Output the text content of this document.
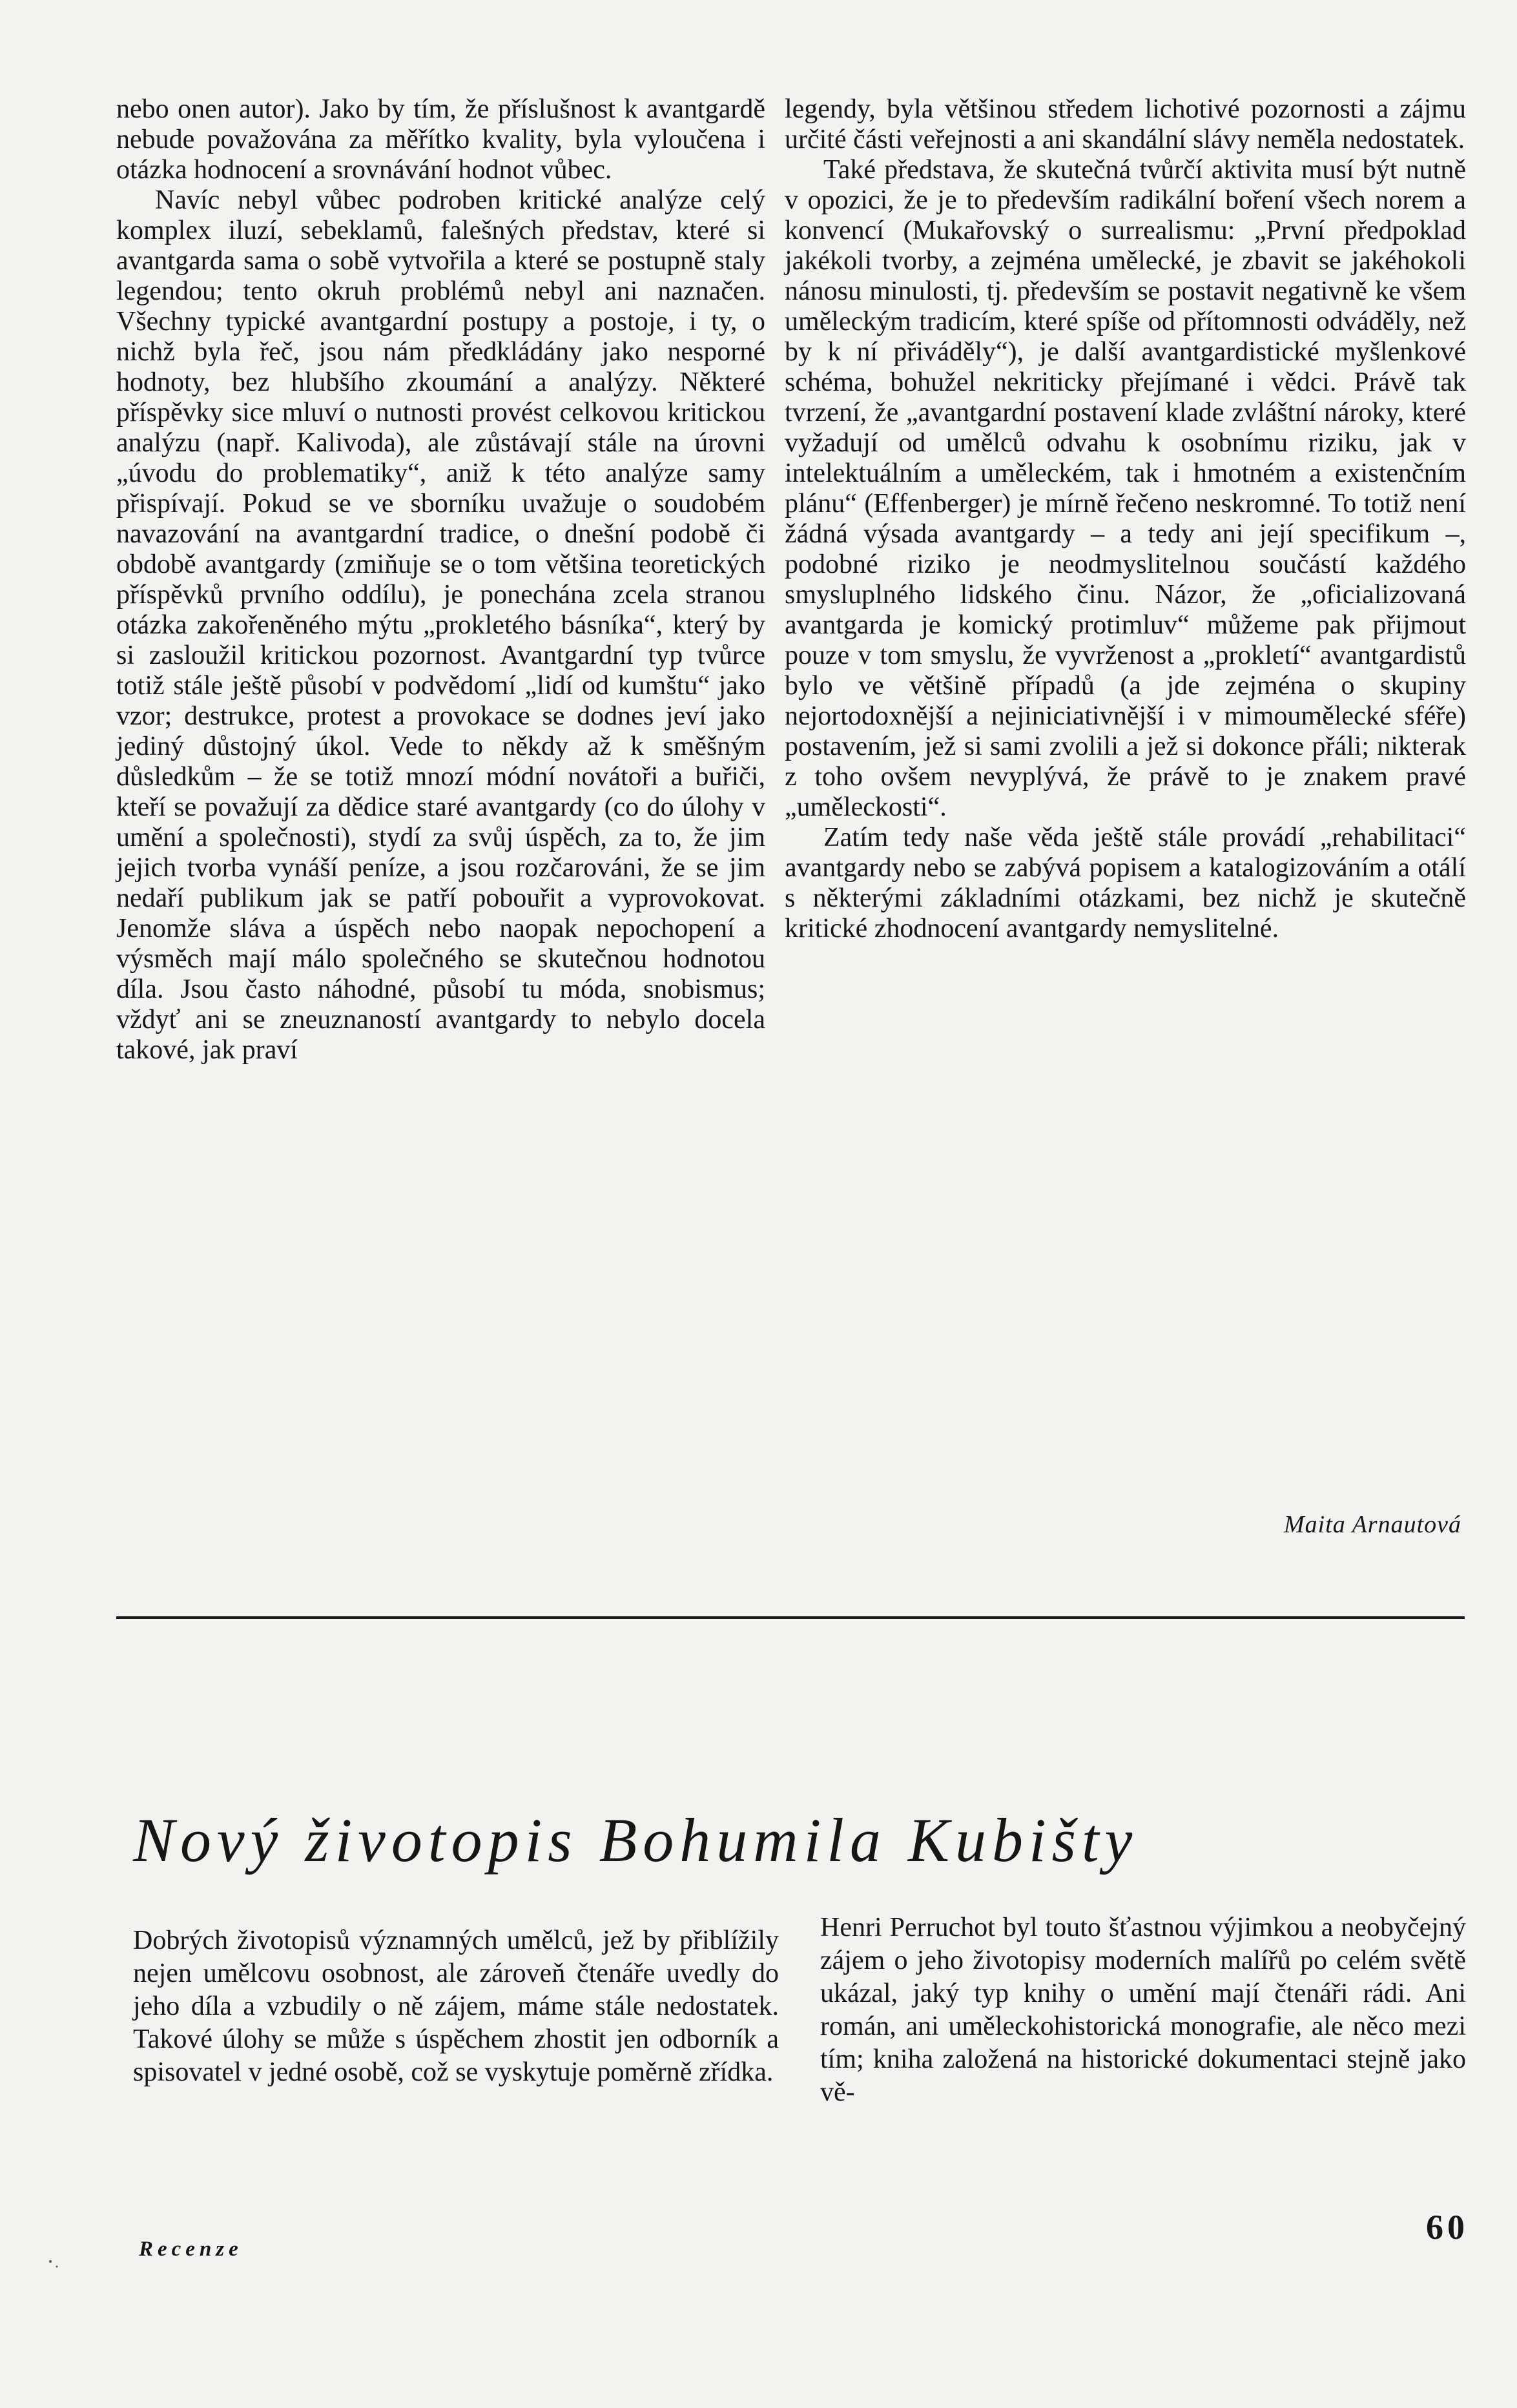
nebo onen autor). Jako by tím, že příslušnost k avantgardě nebude považována za měřítko kvality, byla vyloučena i otázka hodnocení a srovnávání hodnot vůbec.

Navíc nebyl vůbec podroben kritické analýze celý komplex iluzí, sebeklamů, falešných představ, které si avantgarda sama o sobě vytvořila a které se postupně staly legendou; tento okruh problémů nebyl ani naznačen. Všechny typické avantgardní postupy a postoje, i ty, o nichž byla řeč, jsou nám předkládány jako nesporné hodnoty, bez hlubšího zkoumání a analýzy. Některé příspěvky sice mluví o nutnosti provést celkovou kritickou analýzu (např. Kalivoda), ale zůstávají stále na úrovni „úvodu do problematiky“, aniž k této analýze samy přispívají. Pokud se ve sborníku uvažuje o soudobém navazování na avantgardní tradice, o dnešní podobě či obdobě avantgardy (zmiňuje se o tom většina teoretických příspěvků prvního oddílu), je ponechána zcela stranou otázka zakořeněného mýtu „prokletého básníka“, který by si zasloužil kritickou pozornost. Avantgardní typ tvůrce totiž stále ještě působí v podvědomí „lidí od kumštu“ jako vzor; destrukce, protest a provokace se dodnes jeví jako jediný důstojný úkol. Vede to někdy až k směšným důsledkům – že se totiž mnozí módní novátoři a buřiči, kteří se považují za dědice staré avantgardy (co do úlohy v umění a společnosti), stydí za svůj úspěch, za to, že jim jejich tvorba vynáší peníze, a jsou rozčarováni, že se jim nedaří publikum jak se patří pobouřit a vyprovokovat. Jenomže sláva a úspěch nebo naopak nepochopení a výsměch mají málo společného se skutečnou hodnotou díla. Jsou často náhodné, působí tu móda, snobismus; vždyť ani se zneuznaností avantgardy to nebylo docela takové, jak praví

legendy, byla většinou středem lichotivé pozornosti a zájmu určité části veřejnosti a ani skandální slávy neměla nedostatek.

Také představa, že skutečná tvůrčí aktivita musí být nutně v opozici, že je to především radikální boření všech norem a konvencí (Mukařovský o surrealismu: „První předpoklad jakékoli tvorby, a zejména umělecké, je zbavit se jakéhokoli nánosu minulosti, tj. především se postavit negativně ke všem uměleckým tradicím, které spíše od přítomnosti odváděly, než by k ní přiváděly“), je další avantgardistické myšlenkové schéma, bohužel nekriticky přejímané i vědci. Právě tak tvrzení, že „avantgardní postavení klade zvláštní nároky, které vyžadují od umělců odvahu k osobnímu riziku, jak v intelektuálním a uměleckém, tak i hmotném a existenčním plánu“ (Effenberger) je mírně řečeno neskromné. To totiž není žádná výsada avantgardy – a tedy ani její specifikum –, podobné riziko je neodmyslitelnou součástí každého smysluplného lidského činu. Názor, že „oficializovaná avantgarda je komický protimluv“ můžeme pak přijmout pouze v tom smyslu, že vyvrženost a „prokletí“ avantgardistů bylo ve většině případů (a jde zejména o skupiny nejortodoxnější a nejiniciativnější i v mimoumělecké sféře) postavením, jež si sami zvolili a jež si dokonce přáli; nikterak z toho ovšem nevyplývá, že právě to je znakem pravé „uměleckosti“.

Zatím tedy naše věda ještě stále provádí „rehabilitaci“ avantgardy nebo se zabývá popisem a katalogizováním a otálí s některými základními otázkami, bez nichž je skutečně kritické zhodnocení avantgardy nemyslitelné.

Maita Arnautová
Nový životopis Bohumila Kubišty

Dobrých životopisů významných umělců, jež by přiblížily nejen umělcovu osobnost, ale zároveň čtenáře uvedly do jeho díla a vzbudily o ně zájem, máme stále nedostatek. Takové úlohy se může s úspěchem zhostit jen odborník a spisovatel v jedné osobě, což se vyskytuje poměrně zřídka.

Henri Perruchot byl touto šťastnou výjimkou a neobyčejný zájem o jeho životopisy moderních malířů po celém světě ukázal, jaký typ knihy o umění mají čtenáři rádi. Ani román, ani uměleckohistorická monografie, ale něco mezi tím; kniha založená na historické dokumentaci stejně jako vě-

Recenze
60
